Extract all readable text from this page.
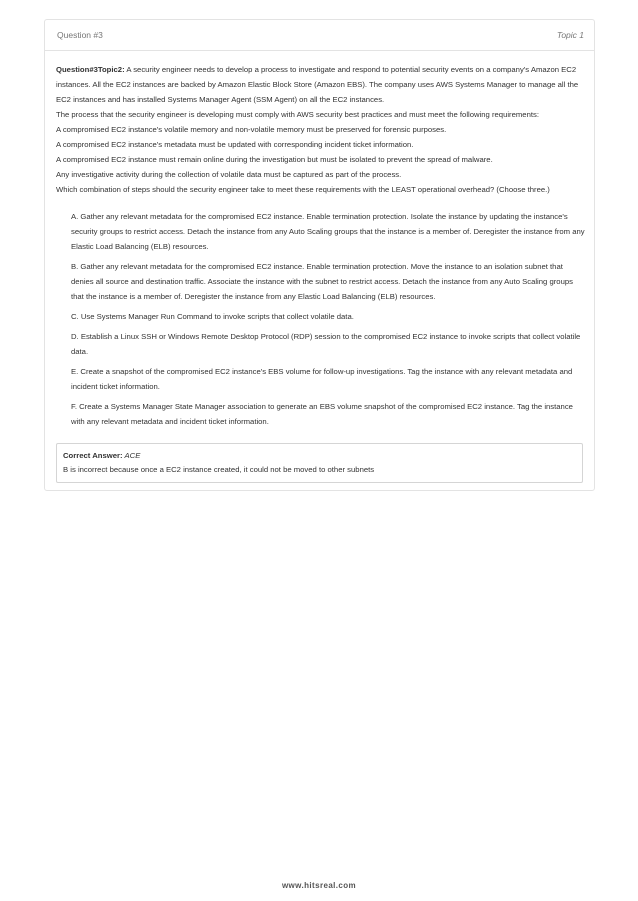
Question #3	Topic 1

Question#3Topic2: A security engineer needs to develop a process to investigate and respond to potential security events on a company's Amazon EC2 instances. All the EC2 instances are backed by Amazon Elastic Block Store (Amazon EBS). The company uses AWS Systems Manager to manage all the EC2 instances and has installed Systems Manager Agent (SSM Agent) on all the EC2 instances.

The process that the security engineer is developing must comply with AWS security best practices and must meet the following requirements:

A compromised EC2 instance's volatile memory and non-volatile memory must be preserved for forensic purposes.

A compromised EC2 instance's metadata must be updated with corresponding incident ticket information.

A compromised EC2 instance must remain online during the investigation but must be isolated to prevent the spread of malware.

Any investigative activity during the collection of volatile data must be captured as part of the process.

Which combination of steps should the security engineer take to meet these requirements with the LEAST operational overhead? (Choose three.)

A. Gather any relevant metadata for the compromised EC2 instance. Enable termination protection. Isolate the instance by updating the instance's security groups to restrict access. Detach the instance from any Auto Scaling groups that the instance is a member of. Deregister the instance from any Elastic Load Balancing (ELB) resources.
B. Gather any relevant metadata for the compromised EC2 instance. Enable termination protection. Move the instance to an isolation subnet that denies all source and destination traffic. Associate the instance with the subnet to restrict access. Detach the instance from any Auto Scaling groups that the instance is a member of. Deregister the instance from any Elastic Load Balancing (ELB) resources.
C. Use Systems Manager Run Command to invoke scripts that collect volatile data.
D. Establish a Linux SSH or Windows Remote Desktop Protocol (RDP) session to the compromised EC2 instance to invoke scripts that collect volatile data.
E. Create a snapshot of the compromised EC2 instance's EBS volume for follow-up investigations. Tag the instance with any relevant metadata and incident ticket information.
F. Create a Systems Manager State Manager association to generate an EBS volume snapshot of the compromised EC2 instance. Tag the instance with any relevant metadata and incident ticket information.
Correct Answer: ACE
B is incorrect because once a EC2 instance created, it could not be moved to other subnets
www.hitsreal.com
